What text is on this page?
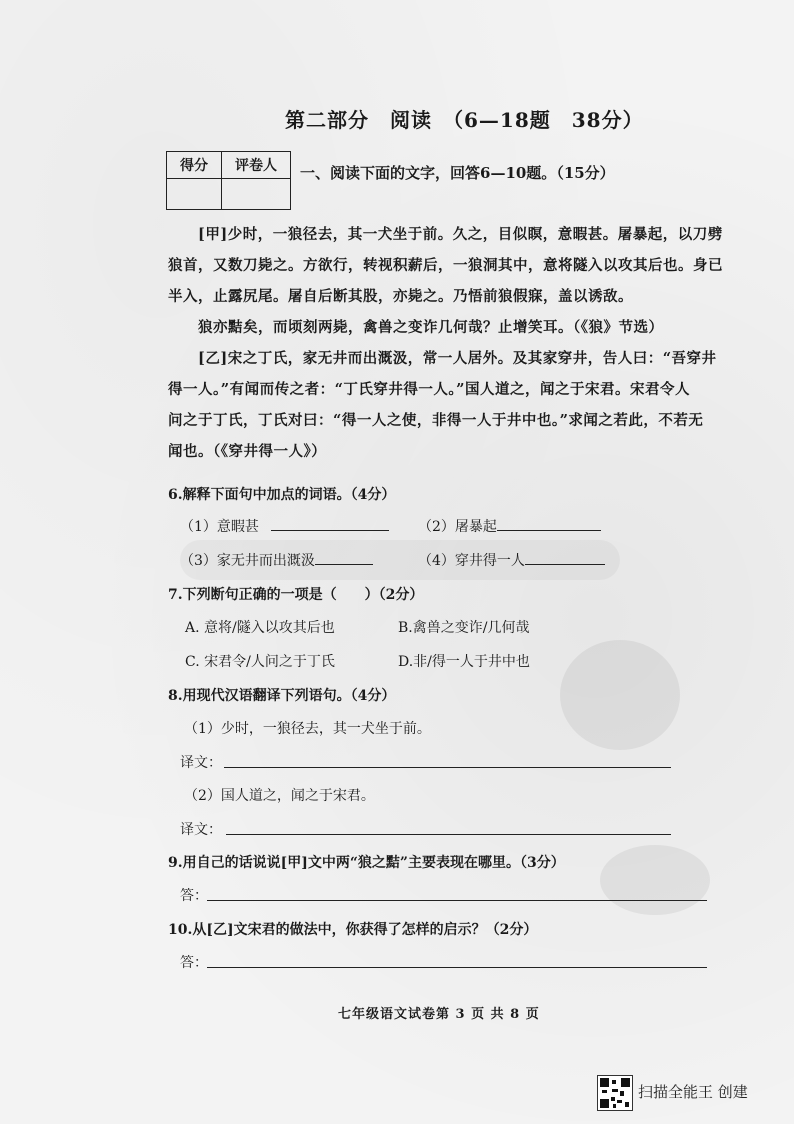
第二部分　阅读　（6—18题　38分）
得分	评卷人
	一、阅读下面的文字，回答6—10题。（15分）
[甲]少时，一狼径去，其一犬坐于前。久之，目似瞑，意暇甚。屠暴起，以刀劈
狼首，又数刀毙之。方欲行，转视积薪后，一狼洞其中，意将隧入以攻其后也。身已
半入，止露尻尾。屠自后断其股，亦毙之。乃悟前狼假寐，盖以诱敌。
狼亦黠矣，而顷刻两毙，禽兽之变诈几何哉？止增笑耳。（《狼》节选）
[乙]宋之丁氏，家无井而出溉汲，常一人居外。及其家穿井，告人曰：“吾穿井
得一人。”有闻而传之者：“丁氏穿井得一人。”国人道之，闻之于宋君。宋君令人
问之于丁氏，丁氏对曰：“得一人之使，非得一人于井中也。”求闻之若此，不若无
闻也。（《穿井得一人》）
6.解释下面句中加点的词语。（4分）
（1）意暇甚	（2）屠暴起
（3）家无井而出溉汲	（4）穿井得一人
7.下列断句正确的一项是（　　）（2分）
A. 意将/隧入以攻其后也	B.禽兽之变诈/几何哉
C. 宋君令/人问之于丁氏	D.非/得一人于井中也
8.用现代汉语翻译下列语句。（4分）
（1）少时，一狼径去，其一犬坐于前。
译文：
（2）国人道之，闻之于宋君。
译文：
9.用自己的话说说[甲]文中两“狼之黠”主要表现在哪里。（3分）
答：
10.从[乙]文宋君的做法中，你获得了怎样的启示？（2分）
答：
七年级语文试卷第 3 页 共 8 页
扫描全能王 创建
